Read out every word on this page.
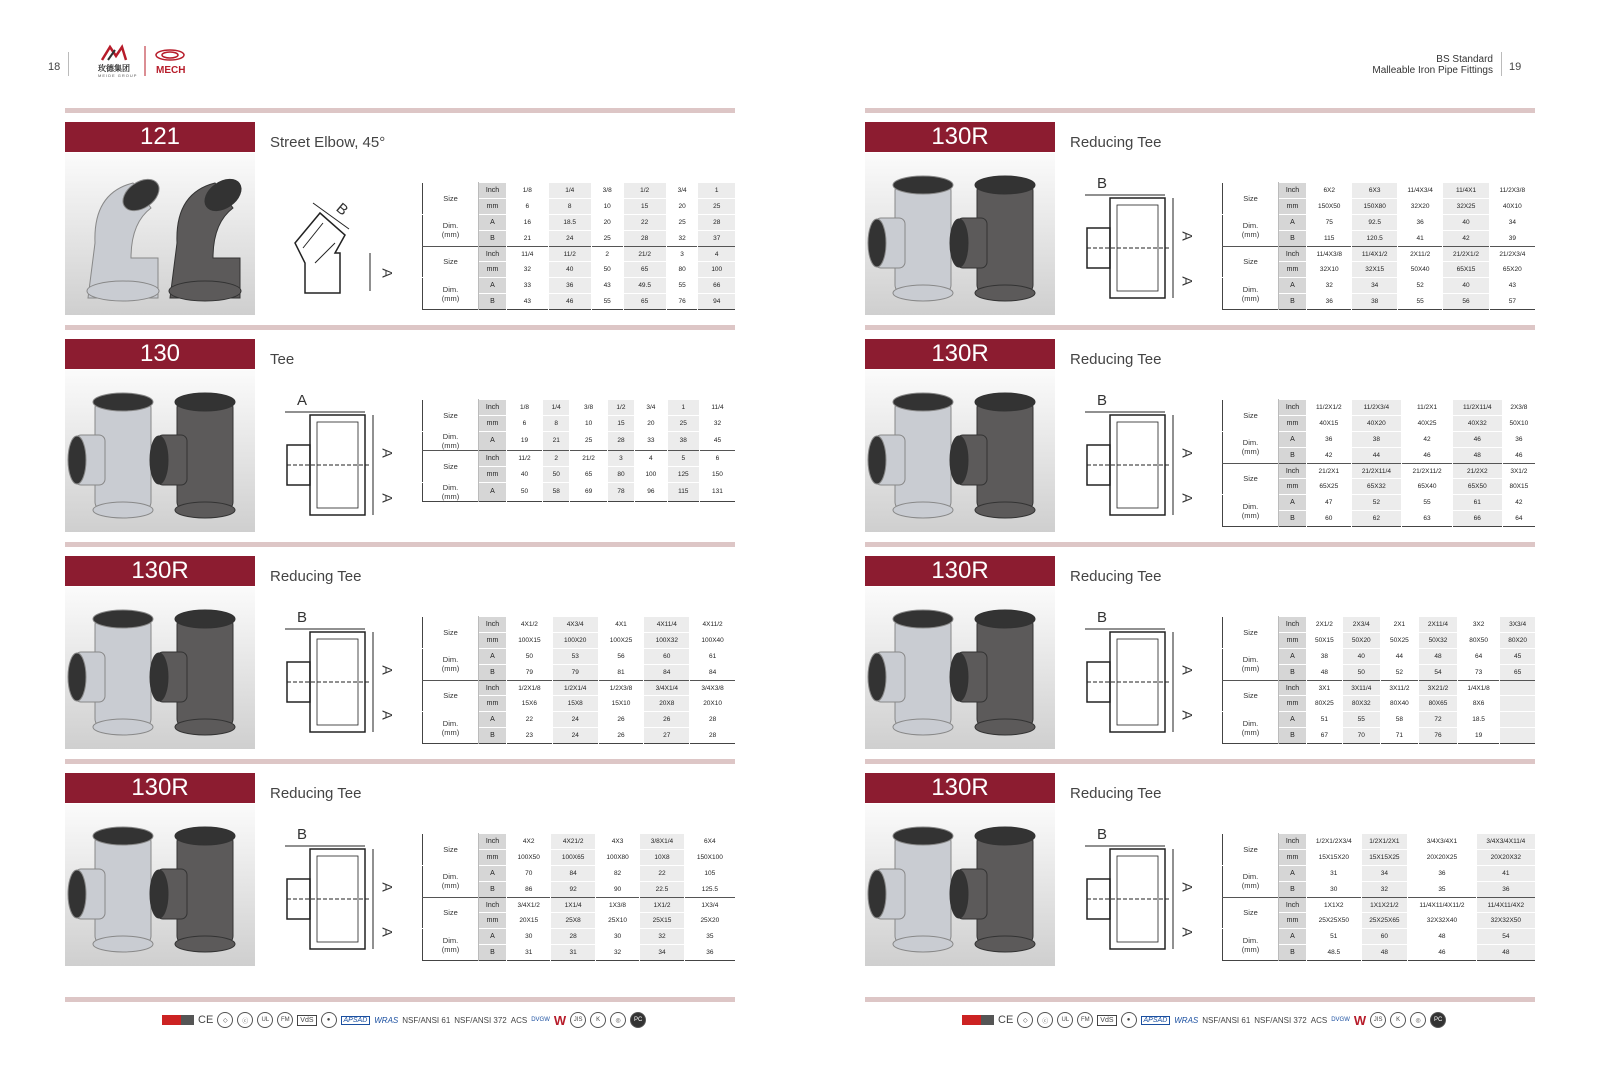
18	玫德集团
MEIDE GROUP MECH
121	Street Elbow, 45°
B
A
Size	Inch	1/8	1/4	3/8	1/2	3/4	1
	mm	6	8	10	15	20	25

Dim.
(mm)	A	16	18.5	20	22	25	28
	B	21	24	25	28	32	37
Size	Inch	11/4	11/2	2	21/2	3	4
	mm	32	40	50	65	80	100

Dim.
(mm)	A	33	36	43	49.5	55	66
	B	43	46	55	65	76	94
130	Tee
A
A
A
Size	Inch	1/8	1/4	3/8	1/2	3/4	1	11/4
	mm	6	8	10	15	20	25	32

Dim.
(mm)	A	19	21	25	28	33	38	45
Size	Inch	11/2	2	21/2	3	4	5	6
	mm	40	50	65	80	100	125	150

Dim.
(mm)	A	50	58	69	78	96	115	131
130R	Reducing Tee
B
A
A
Size	Inch	4X1/2	4X3/4	4X1	4X11/4	4X11/2
	mm	100X15	100X20	100X25	100X32	100X40

Dim.
(mm)	A	50	53	56	60	61
	B	79	79	81	84	84
Size	Inch	1/2X1/8	1/2X1/4	1/2X3/8	3/4X1/4	3/4X3/8
	mm	15X6	15X8	15X10	20X8	20X10

Dim.
(mm)	A	22	24	26	26	28
	B	23	24	26	27	28
130R	Reducing Tee
B
A
A
Size	Inch	4X2	4X21/2	4X3	3/8X1/4	6X4
	mm	100X50	100X65	100X80	10X8	150X100

Dim.
(mm)	A	70	84	82	22	105
	B	86	92	90	22.5	125.5
Size	Inch	3/4X1/2	1X1/4	1X3/8	1X1/2	1X3/4
	mm	20X15	25X8	25X10	25X15	25X20

Dim.
(mm)	A	30	28	30	32	35
	B	31	31	32	34	36
CE	◇	ⓒ	UL	FM	VdS	●	APSAD WRAS NSF/ANSI 61 NSF/ANSI 372 ACS DVGW W	JIS	K	◎	PC
BS Standard
Malleable Iron Pipe Fittings 19
130R	Reducing Tee
B
A
A
Size	Inch	6X2	6X3	11/4X3/4	11/4X1	11/2X3/8
	mm	150X50	150X80	32X20	32X25	40X10

Dim.
(mm)	A	75	92.5	36	40	34
	B	115	120.5	41	42	39
Size	Inch	11/4X3/8	11/4X1/2	2X11/2	21/2X1/2	21/2X3/4
	mm	32X10	32X15	50X40	65X15	65X20

Dim.
(mm)	A	32	34	52	40	43
	B	36	38	55	56	57
130R	Reducing Tee
B
A
A
Size	Inch	11/2X1/2	11/2X3/4	11/2X1	11/2X11/4	2X3/8
	mm	40X15	40X20	40X25	40X32	50X10

Dim.
(mm)	A	36	38	42	46	36
	B	42	44	46	48	46
Size	Inch	21/2X1	21/2X11/4	21/2X11/2	21/2X2	3X1/2
	mm	65X25	65X32	65X40	65X50	80X15

Dim.
(mm)	A	47	52	55	61	42
	B	60	62	63	66	64
130R	Reducing Tee
B
A
A
Size	Inch	2X1/2	2X3/4	2X1	2X11/4	3X2	3X3/4
	mm	50X15	50X20	50X25	50X32	80X50	80X20

Dim.
(mm)	A	38	40	44	48	64	45
	B	48	50	52	54	73	65
Size	Inch	3X1	3X11/4	3X11/2	3X21/2	1/4X1/8	
	mm	80X25	80X32	80X40	80X65	8X6	

Dim.
(mm)	A	51	55	58	72	18.5	
	B	67	70	71	76	19	
130R	Reducing Tee
B
A
A
Size	Inch	1/2X1/2X3/4	1/2X1/2X1	3/4X3/4X1	3/4X3/4X11/4
	mm	15X15X20	15X15X25	20X20X25	20X20X32

Dim.
(mm)	A	31	34	36	41
	B	30	32	35	36
Size	Inch	1X1X2	1X1X21/2	11/4X11/4X11/2	11/4X11/4X2
	mm	25X25X50	25X25X65	32X32X40	32X32X50

Dim.
(mm)	A	51	60	48	54
	B	48.5	48	46	48
CE	◇	ⓒ	UL	FM	VdS	●	APSAD WRAS NSF/ANSI 61 NSF/ANSI 372 ACS DVGW W	JIS	K	◎	PC
